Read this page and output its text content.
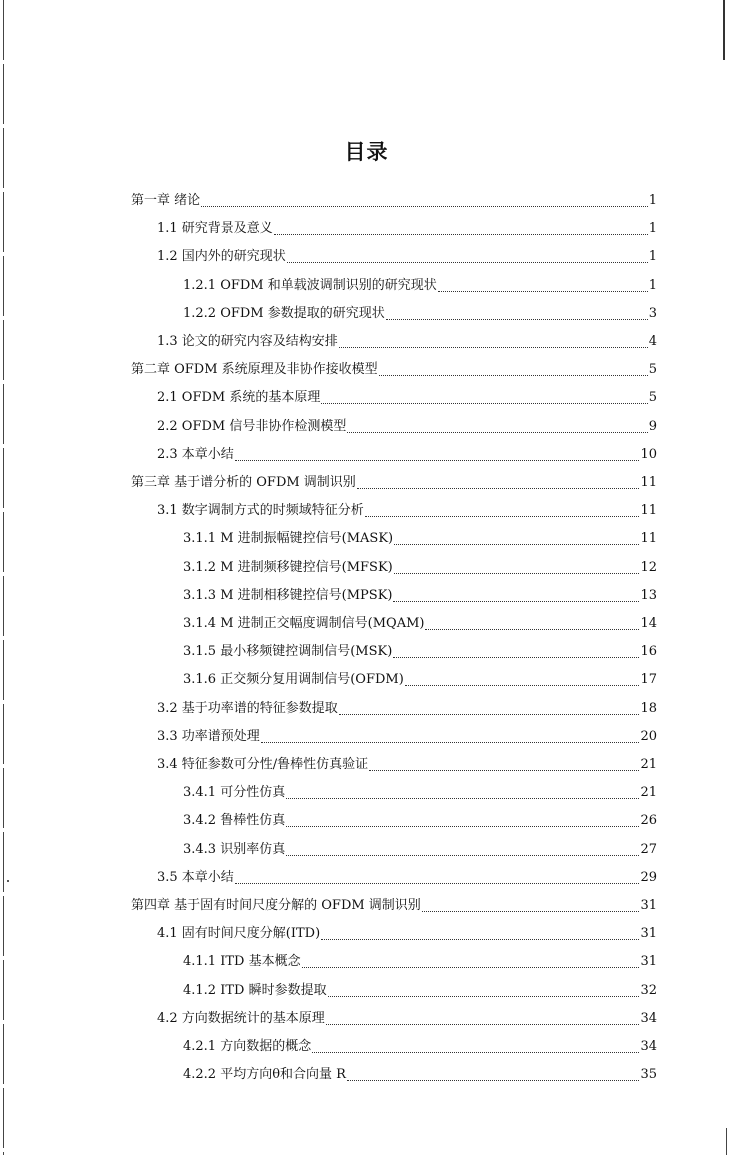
目录
第一章 绪论	1
1.1 研究背景及意义	1
1.2 国内外的研究现状	1
1.2.1 OFDM 和单载波调制识别的研究现状	1
1.2.2 OFDM 参数提取的研究现状	3
1.3 论文的研究内容及结构安排	4
第二章 OFDM 系统原理及非协作接收模型	5
2.1 OFDM 系统的基本原理	5
2.2 OFDM 信号非协作检测模型	9
2.3 本章小结	10
第三章 基于谱分析的 OFDM 调制识别	11
3.1 数字调制方式的时频域特征分析	11
3.1.1 M 进制振幅键控信号(MASK)	11
3.1.2 M 进制频移键控信号(MFSK)	12
3.1.3 M 进制相移键控信号(MPSK)	13
3.1.4 M 进制正交幅度调制信号(MQAM)	14
3.1.5 最小移频键控调制信号(MSK)	16
3.1.6 正交频分复用调制信号(OFDM)	17
3.2 基于功率谱的特征参数提取	18
3.3 功率谱预处理	20
3.4 特征参数可分性/鲁棒性仿真验证	21
3.4.1 可分性仿真	21
3.4.2 鲁棒性仿真	26
3.4.3 识别率仿真	27
3.5 本章小结	29
第四章 基于固有时间尺度分解的 OFDM 调制识别	31
4.1 固有时间尺度分解(ITD)	31
4.1.1 ITD 基本概念	31
4.1.2 ITD 瞬时参数提取	32
4.2 方向数据统计的基本原理	34
4.2.1 方向数据的概念	34
4.2.2 平均方向θ和合向量 R	35
